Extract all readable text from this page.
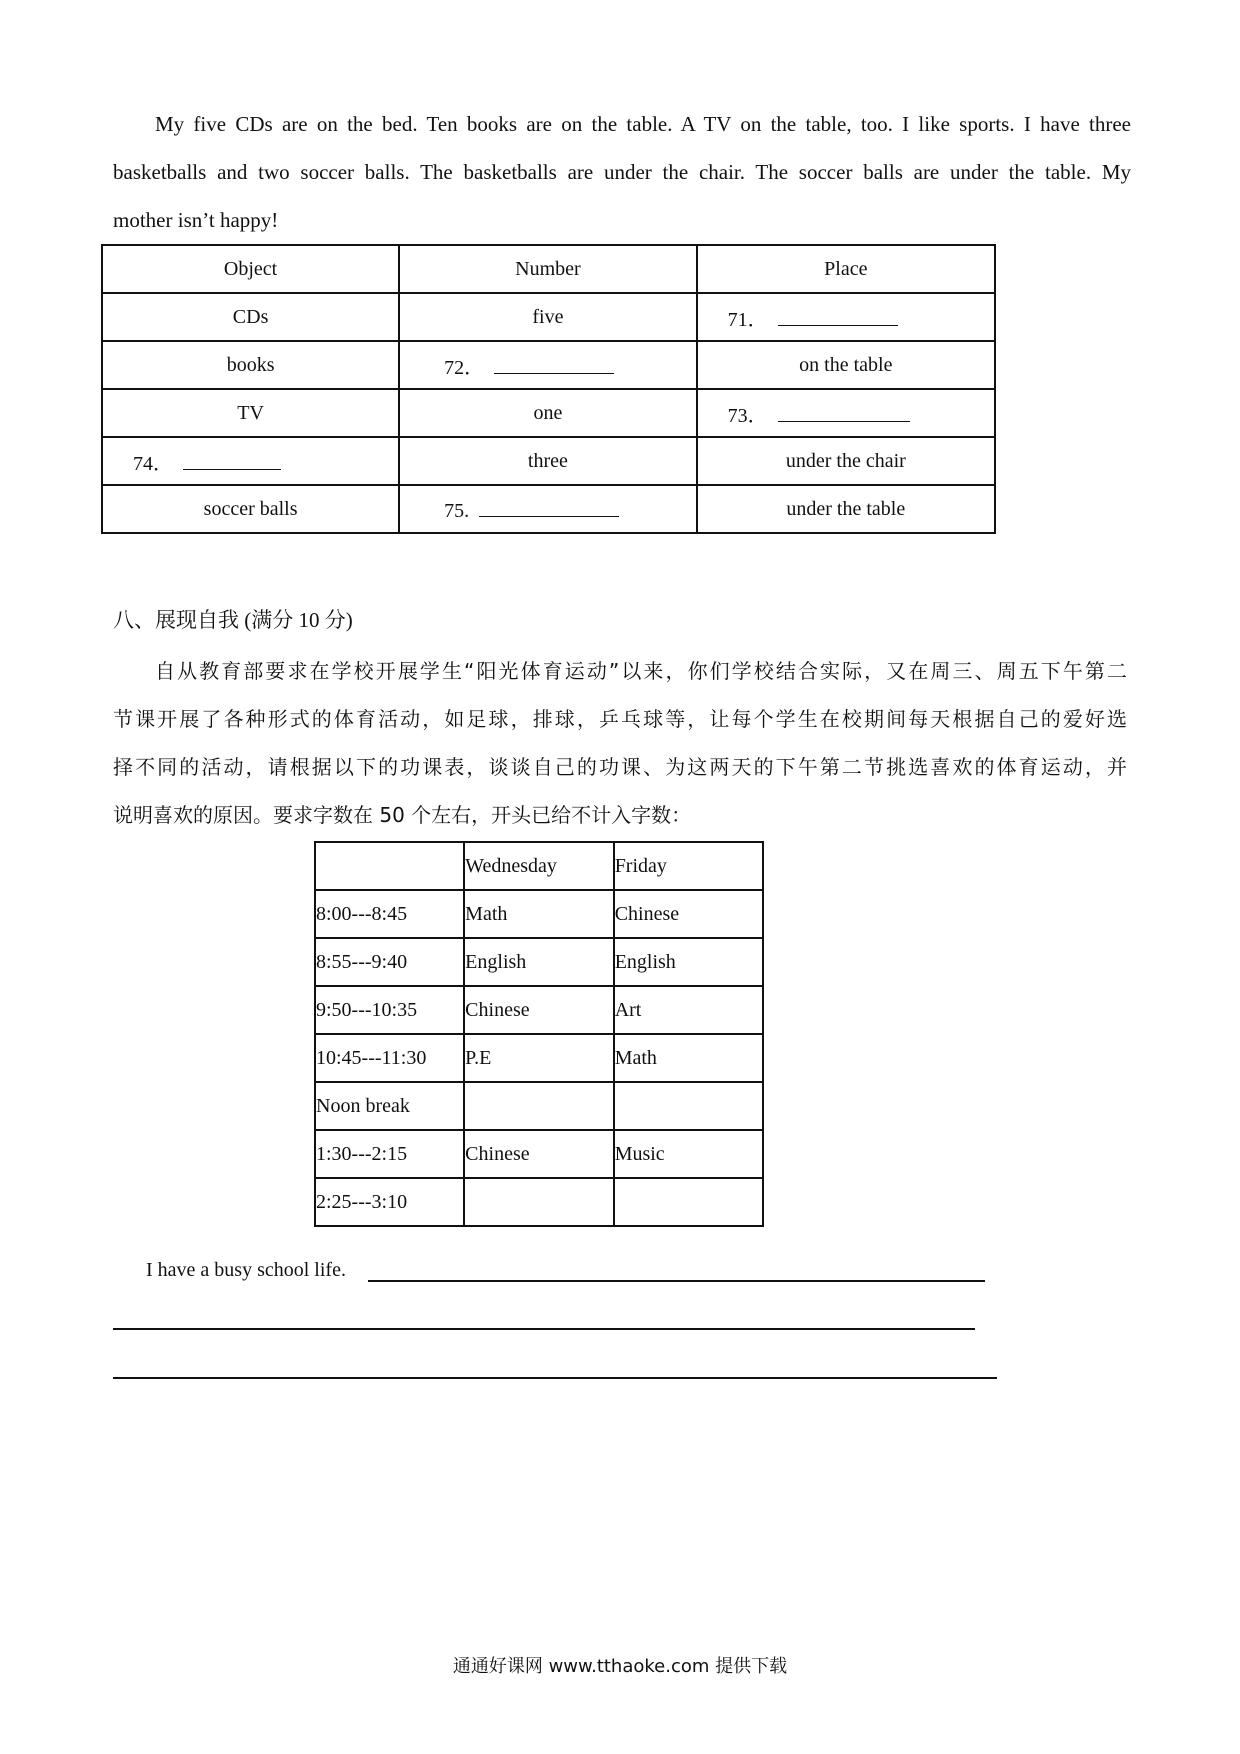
My five CDs are on the bed. Ten books are on the table. A TV on the table, too. I like sports. I have three
basketballs and two soccer balls. The basketballs are under the chair. The soccer balls are under the table. My
mother isn’t happy!
Object	Number	Place
CDs	five	71．
books	72．	on the table
TV	one	73．
74．	three	under the chair
soccer balls	75.	under the table
八、展现自我 (满分 10 分)
自从教育部要求在学校开展学生“阳光体育运动”以来，你们学校结合实际，又在周三、周五下午第二
节课开展了各种形式的体育活动，如足球，排球，乒乓球等，让每个学生在校期间每天根据自己的爱好选
择不同的活动，请根据以下的功课表，谈谈自己的功课、为这两天的下午第二节挑选喜欢的体育运动，并
说明喜欢的原因。要求字数在 50 个左右，开头已给不计入字数：
	Wednesday	Friday
8:00---8:45	Math	Chinese
8:55---9:40	English	English
9:50---10:35	Chinese	Art
10:45---11:30	P.E	Math
Noon break		
1:30---2:15	Chinese	Music
2:25---3:10		
I have a busy school life.
通通好课网 www.tthaoke.com 提供下载
